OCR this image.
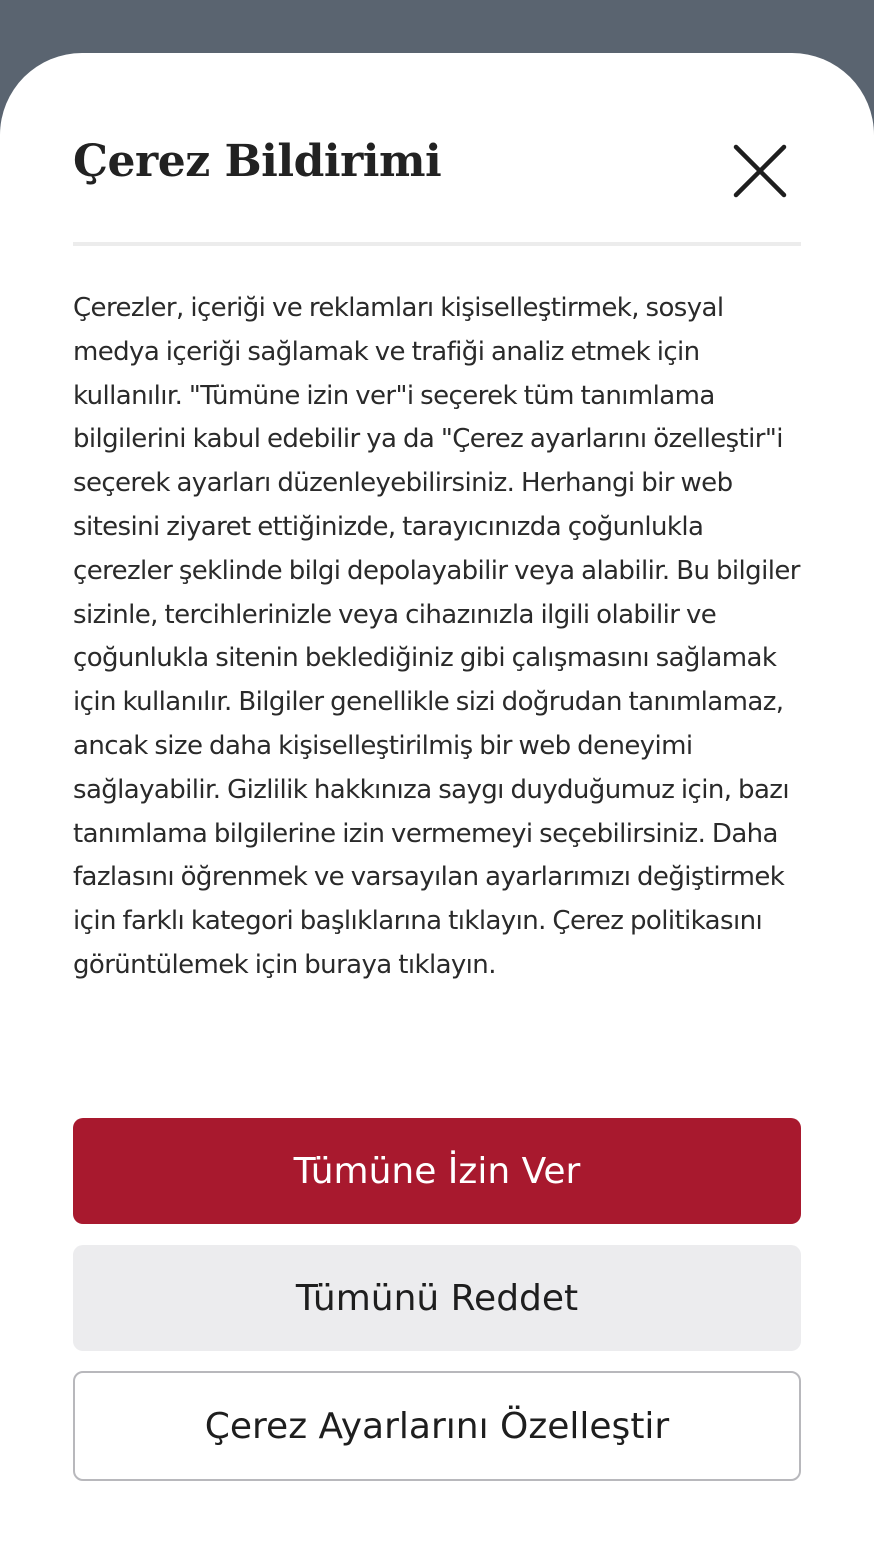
Çerez Bildirimi

Çerezler, içeriği ve reklamları kişiselleştirmek, sosyal medya içeriği sağlamak ve trafiği analiz etmek için kullanılır. "Tümüne izin ver"i seçerek tüm tanımlama bilgilerini kabul edebilir ya da "Çerez ayarlarını özelleştir"i seçerek ayarları düzenleyebilirsiniz. Herhangi bir web sitesini ziyaret ettiğinizde, tarayıcınızda çoğunlukla çerezler şeklinde bilgi depolayabilir veya alabilir. Bu bilgiler sizinle, tercihlerinizle veya cihazınızla ilgili olabilir ve çoğunlukla sitenin beklediğiniz gibi çalışmasını sağlamak için kullanılır. Bilgiler genellikle sizi doğrudan tanımlamaz, ancak size daha kişiselleştirilmiş bir web deneyimi sağlayabilir. Gizlilik hakkınıza saygı duyduğumuz için, bazı tanımlama bilgilerine izin vermemeyi seçebilirsiniz. Daha fazlasını öğrenmek ve varsayılan ayarlarımızı değiştirmek için farklı kategori başlıklarına tıklayın. Çerez politikasını görüntülemek için buraya tıklayın.

Tümüne İzin Ver
Tümünü Reddet
Çerez Ayarlarını Özelleştir
